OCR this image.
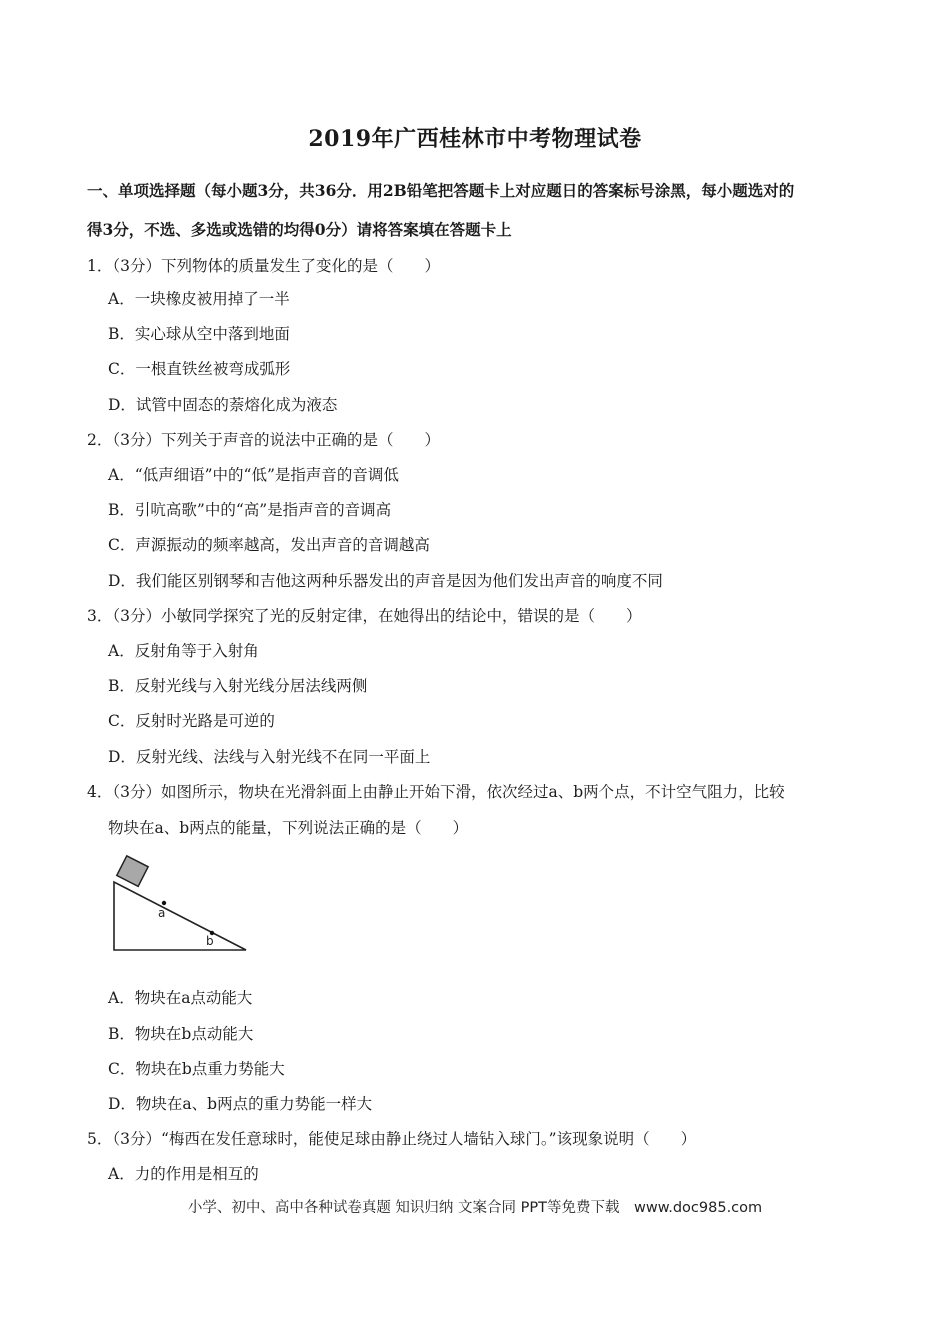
2019年广西桂林市中考物理试卷
一、单项选择题（每小题3分，共36分．用2B铅笔把答题卡上对应题日的答案标号涂黑，每小题选对的
得3分，不选、多选或选错的均得0分）请将答案填在答题卡上
1．（3分）下列物体的质量发生了变化的是（　　）
A．一块橡皮被用掉了一半
B．实心球从空中落到地面
C．一根直铁丝被弯成弧形
D．试管中固态的萘熔化成为液态
2．（3分）下列关于声音的说法中正确的是（　　）
A．“低声细语”中的“低”是指声音的音调低
B．引吭高歌”中的“高”是指声音的音调高
C．声源振动的频率越高，发出声音的音调越高
D．我们能区别钢琴和吉他这两种乐器发出的声音是因为他们发出声音的响度不同
3．（3分）小敏同学探究了光的反射定律，在她得出的结论中，错误的是（　　）
A．反射角等于入射角
B．反射光线与入射光线分居法线两侧
C．反射时光路是可逆的
D．反射光线、法线与入射光线不在同一平面上
4．（3分）如图所示，物块在光滑斜面上由静止开始下滑，依次经过a、b两个点，不计空气阻力，比较
物块在a、b两点的能量，下列说法正确的是（　　）
a
b
A．物块在a点动能大
B．物块在b点动能大
C．物块在b点重力势能大
D．物块在a、b两点的重力势能一样大
5．（3分）“梅西在发任意球时，能使足球由静止绕过人墙钻入球门。”该现象说明（　　）
A．力的作用是相互的
小学、初中、高中各种试卷真题 知识归纳 文案合同 PPT等免费下载　www.doc985.com
